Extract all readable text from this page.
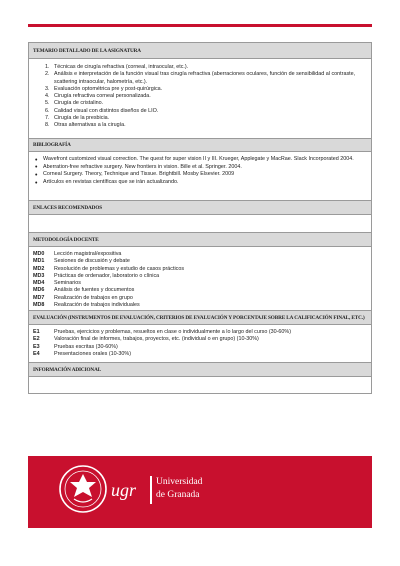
TEMARIO DETALLADO DE LA ASIGNATURA
1. Técnicas de cirugía refractiva (corneal, intraocular, etc.).
2. Análisis e interpretación de la función visual tras cirugía refractiva (aberraciones oculares, función de sensibilidad al contraste, scattering intraocular, halometría, etc.).
3. Evaluación optométrica pre y post-quirúrgica.
4. Cirugía refractiva corneal personalizada.
5. Cirugía de cristalino.
6. Calidad visual con distintos diseños de LIO.
7. Cirugía de la presbicia.
8. Otras alternativas a la cirugía.
BIBLIOGRAFÍA
• Wavefront customized visual correction. The quest for super vision II y III. Krueger, Applegate y MacRae. Slack Incorporated 2004.
• Aberration-free refractive surgery. New frontiers in vision. Bille et al. Springer. 2004.
• Corneal Surgery. Theory, Technique and Tissue. Brightbill. Mosby Elsevier. 2009
• Artículos en revistas científicas que se irán actualizando.
ENLACES RECOMENDADOS
METODOLOGÍA DOCENTE
MD0	Lección magistral/expositiva
MD1	Sesiones de discusión y debate
MD2	Resolución de problemas y estudio de casos prácticos
MD3	Prácticas de ordenador, laboratorio o clínica
MD4	Seminarios
MD6	Análisis de fuentes y documentos
MD7	Realización de trabajos en grupo
MD8	Realización de trabajos individuales
EVALUACIÓN (INSTRUMENTOS DE EVALUACIÓN, CRITERIOS DE EVALUACIÓN Y PORCENTAJE SOBRE LA CALIFICACIÓN FINAL, ETC.)
E1	Pruebas, ejercicios y problemas, resueltos en clase o individualmente a lo largo del curso (30-60%)
E2	Valoración final de informes, trabajos, proyectos, etc. (individual o en grupo) (10-30%)
E3	Pruebas escritas (30-60%)
E4	Presentaciones orales (10-30%)
INFORMACIÓN ADICIONAL
ugr Universidad
de Granada
